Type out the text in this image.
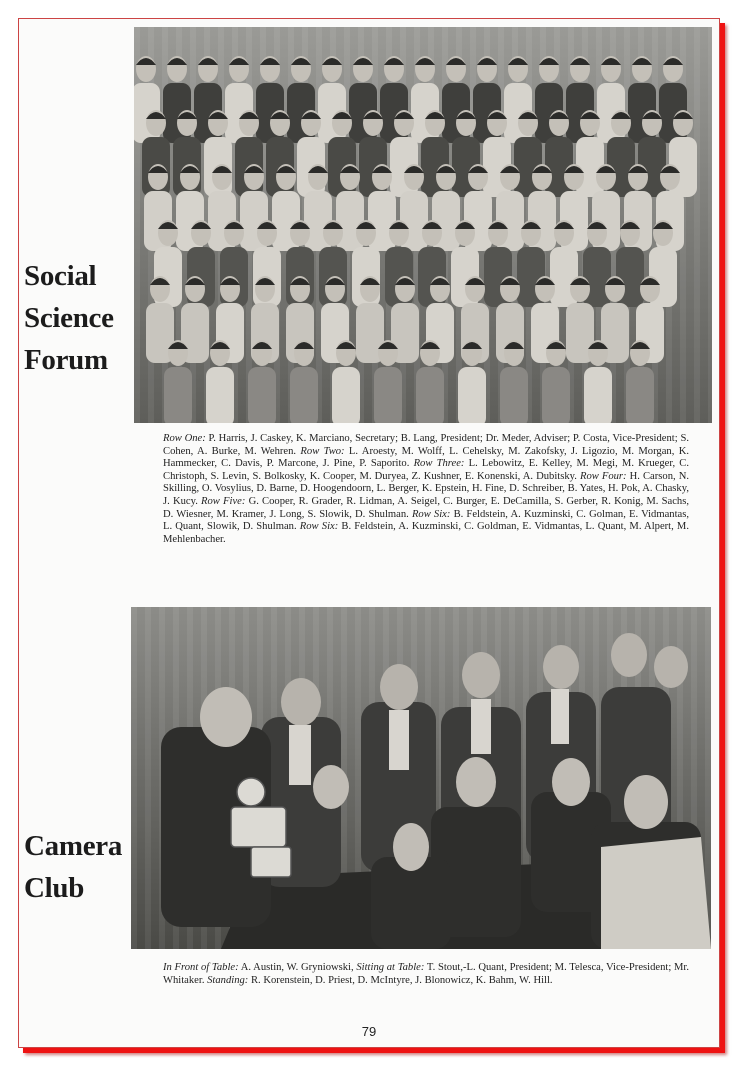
Social
Science
Forum
Row One: P. Harris, J. Caskey, K. Marciano, Secretary; B. Lang, President; Dr. Meder, Adviser; P. Costa, Vice-President; S. Cohen, A. Burke, M. Wehren. Row Two: L. Aroesty, M. Wolff, L. Cehelsky, M. Zakofsky, J. Ligozio, M. Morgan, K. Hammecker, C. Davis, P. Marcone, J. Pine, P. Saporito. Row Three: L. Lebowitz, E. Kelley, M. Megi, M. Krueger, C. Christoph, S. Levin, S. Bolkosky, K. Cooper, M. Duryea, Z. Kushner, E. Konenski, A. Dubitsky. Row Four: H. Carson, N. Skilling, O. Vosylius, D. Barne, D. Hoogendoorn, L. Berger, K. Epstein, H. Fine, D. Schreiber, B. Yates, H. Pok, A. Chasky, J. Kucy. Row Five: G. Cooper, R. Grader, R. Lidman, A. Seigel, C. Burger, E. DeCamilla, S. Gerber, R. Konig, M. Sachs, D. Wiesner, M. Kramer, J. Long, S. Slowik, D. Shulman. Row Six: B. Feldstein, A. Kuzminski, C. Golman, E. Vidmantas, L. Quant, Slowik, D. Shulman. Row Six: B. Feldstein, A. Kuzminski, C. Goldman, E. Vidmantas, L. Quant, M. Alpert, M. Mehlenbacher.
Camera
Club
In Front of Table: A. Austin, W. Gryniowski, Sitting at Table: T. Stout,-L. Quant, President; M. Telesca, Vice-President; Mr. Whitaker. Standing: R. Korenstein, D. Priest, D. McIntyre, J. Blonowicz, K. Bahm, W. Hill.
79
